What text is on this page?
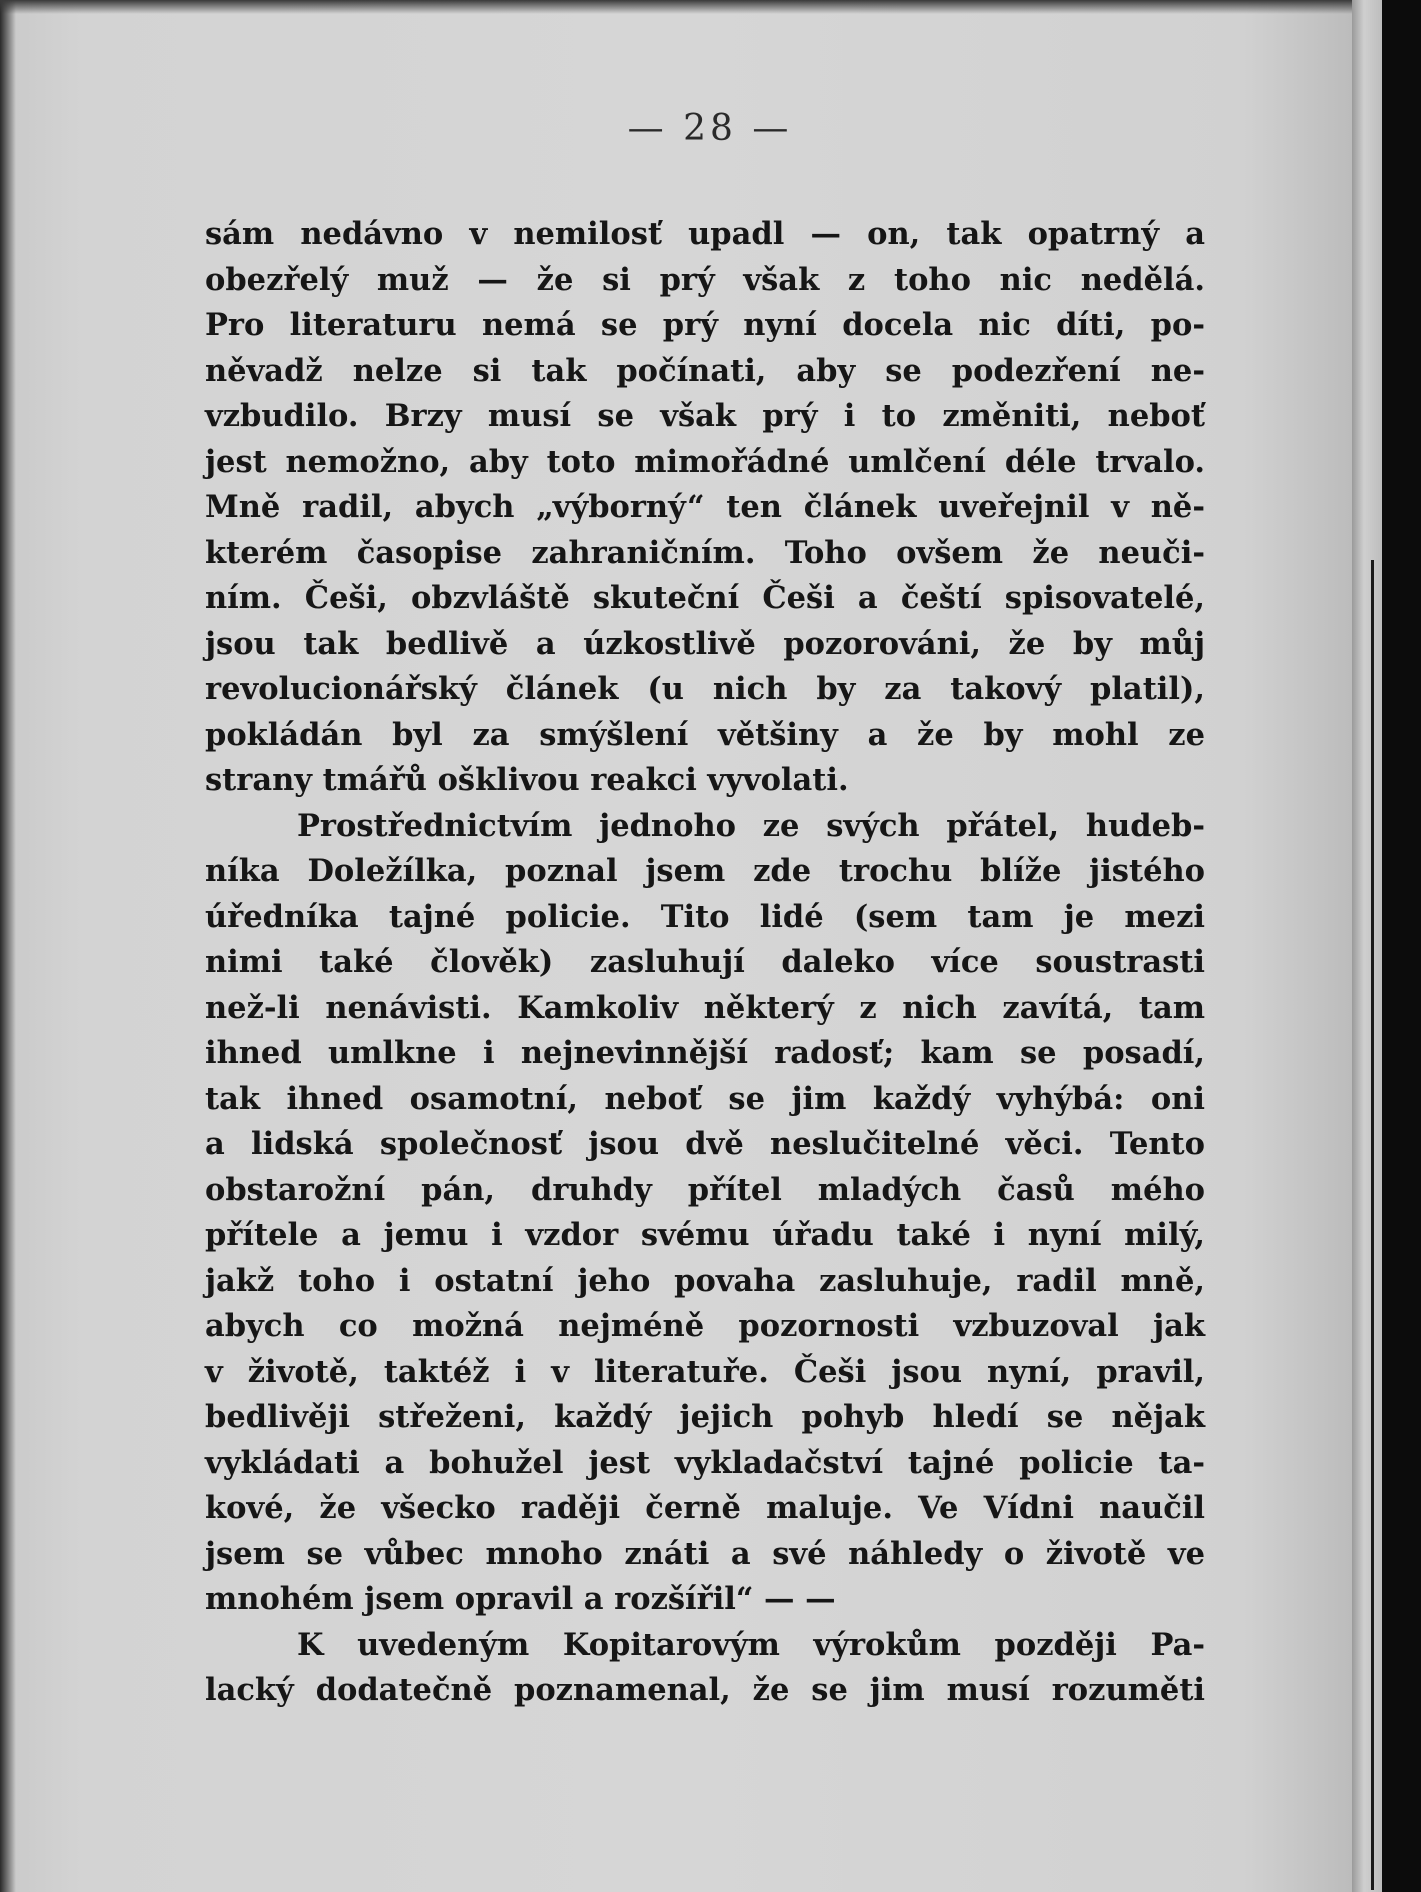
— 28 —
sám nedávno v nemilosť upadl — on, tak opatrný a
obezřelý muž — že si prý však z toho nic nedělá.
Pro literaturu nemá se prý nyní docela nic díti, po-
něvadž nelze si tak počínati, aby se podezření ne-
vzbudilo. Brzy musí se však prý i to změniti, neboť
jest nemožno, aby toto mimořádné umlčení déle trvalo.
Mně radil, abych „výborný“ ten článek uveřejnil v ně-
kterém časopise zahraničním. Toho ovšem že neuči-
ním. Češi, obzvláště skuteční Češi a čeští spisovatelé,
jsou tak bedlivě a úzkostlivě pozorováni, že by můj
revolucionářský článek (u nich by za takový platil),
pokládán byl za smýšlení většiny a že by mohl ze
strany tmářů ošklivou reakci vyvolati.
Prostřednictvím jednoho ze svých přátel, hudeb-
níka Doležílka, poznal jsem zde trochu blíže jistého
úředníka tajné policie. Tito lidé (sem tam je mezi
nimi také člověk) zasluhují daleko více soustrasti
než-li nenávisti. Kamkoliv některý z nich zavítá, tam
ihned umlkne i nejnevinnější radosť; kam se posadí,
tak ihned osamotní, neboť se jim každý vyhýbá: oni
a lidská společnosť jsou dvě neslučitelné věci. Tento
obstarožní pán, druhdy přítel mladých časů mého
přítele a jemu i vzdor svému úřadu také i nyní milý,
jakž toho i ostatní jeho povaha zasluhuje, radil mně,
abych co možná nejméně pozornosti vzbuzoval jak
v životě, taktéž i v literatuře. Češi jsou nyní, pravil,
bedlivěji střeženi, každý jejich pohyb hledí se nějak
vykládati a bohužel jest vykladačství tajné policie ta-
kové, že všecko raději černě maluje. Ve Vídni naučil
jsem se vůbec mnoho znáti a své náhledy o životě ve
mnohém jsem opravil a rozšířil“ — —
K uvedeným Kopitarovým výrokům později Pa-
lacký dodatečně poznamenal, že se jim musí rozuměti
